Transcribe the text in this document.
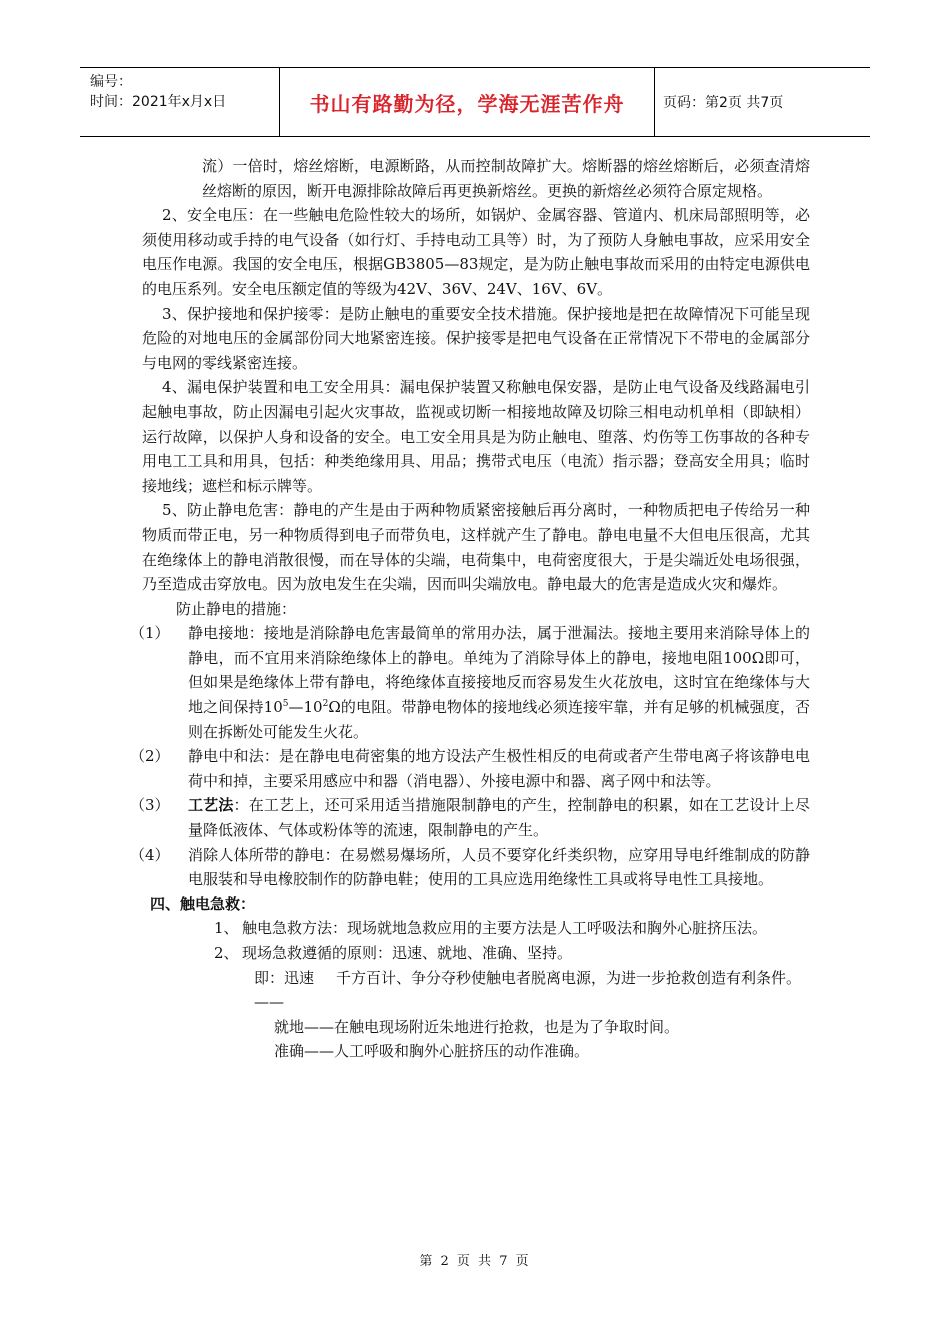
编号：
时间：2021年x月x日	书山有路勤为径，学海无涯苦作舟	页码：第2页 共7页

流）一倍时，熔丝熔断，电源断路，从而控制故障扩大。熔断器的熔丝熔断后，必须查清熔丝熔断的原因，断开电源排除故障后再更换新熔丝。更换的新熔丝必须符合原定规格。

2、安全电压：在一些触电危险性较大的场所，如锅炉、金属容器、管道内、机床局部照明等，必须使用移动或手持的电气设备（如行灯、手持电动工具等）时，为了预防人身触电事故，应采用安全电压作电源。我国的安全电压，根据GB3805—83规定，是为防止触电事故而采用的由特定电源供电的电压系列。安全电压额定值的等级为42V、36V、24V、16V、6V。

3、保护接地和保护接零：是防止触电的重要安全技术措施。保护接地是把在故障情况下可能呈现危险的对地电压的金属部份同大地紧密连接。保护接零是把电气设备在正常情况下不带电的金属部分与电网的零线紧密连接。

4、漏电保护装置和电工安全用具：漏电保护装置又称触电保安器，是防止电气设备及线路漏电引起触电事故，防止因漏电引起火灾事故，监视或切断一相接地故障及切除三相电动机单相（即缺相）运行故障，以保护人身和设备的安全。电工安全用具是为防止触电、堕落、灼伤等工伤事故的各种专用电工工具和用具，包括：种类绝缘用具、用品；携带式电压（电流）指示器；登高安全用具；临时接地线；遮栏和标示牌等。

5、防止静电危害：静电的产生是由于两种物质紧密接触后再分离时，一种物质把电子传给另一种物质而带正电，另一种物质得到电子而带负电，这样就产生了静电。静电电量不大但电压很高，尤其在绝缘体上的静电消散很慢，而在导体的尖端，电荷集中，电荷密度很大，于是尖端近处电场很强，乃至造成击穿放电。因为放电发生在尖端，因而叫尖端放电。静电最大的危害是造成火灾和爆炸。

防止静电的措施：

（1）	静电接地：接地是消除静电危害最简单的常用办法，属于泄漏法。接地主要用来消除导体上的静电，而不宜用来消除绝缘体上的静电。单纯为了消除导体上的静电，接地电阻100Ω即可，但如果是绝缘体上带有静电，将绝缘体直接接地反而容易发生火花放电，这时宜在绝缘体与大地之间保持$10^5—10^2\Omega$的电阻。带静电物体的接地线必须连接牢靠，并有足够的机械强度，否则在拆断处可能发生火花。
（2）	静电中和法：是在静电电荷密集的地方设法产生极性相反的电荷或者产生带电离子将该静电电荷中和掉，主要采用感应中和器（消电器）、外接电源中和器、离子网中和法等。
（3）	工艺法：在工艺上，还可采用适当措施限制静电的产生，控制静电的积累，如在工艺设计上尽量降低液体、气体或粉体等的流速，限制静电的产生。
（4）	消除人体所带的静电：在易燃易爆场所，人员不要穿化纤类织物，应穿用导电纤维制成的防静电服装和导电橡胶制作的防静电鞋；使用的工具应选用绝缘性工具或将导电性工具接地。

四、触电急救：

1、 触电急救方法：现场就地急救应用的主要方法是人工呼吸法和胸外心脏挤压法。
2、 现场急救遵循的原则：迅速、就地、准确、坚持。
即：迅速——
千方百计、争分夺秒使触电者脱离电源，为进一步抢救创造有利条件。

就地——在触电现场附近朱地进行抢救，也是为了争取时间。

准确——人工呼吸和胸外心脏挤压的动作准确。

第 2 页 共 7 页
